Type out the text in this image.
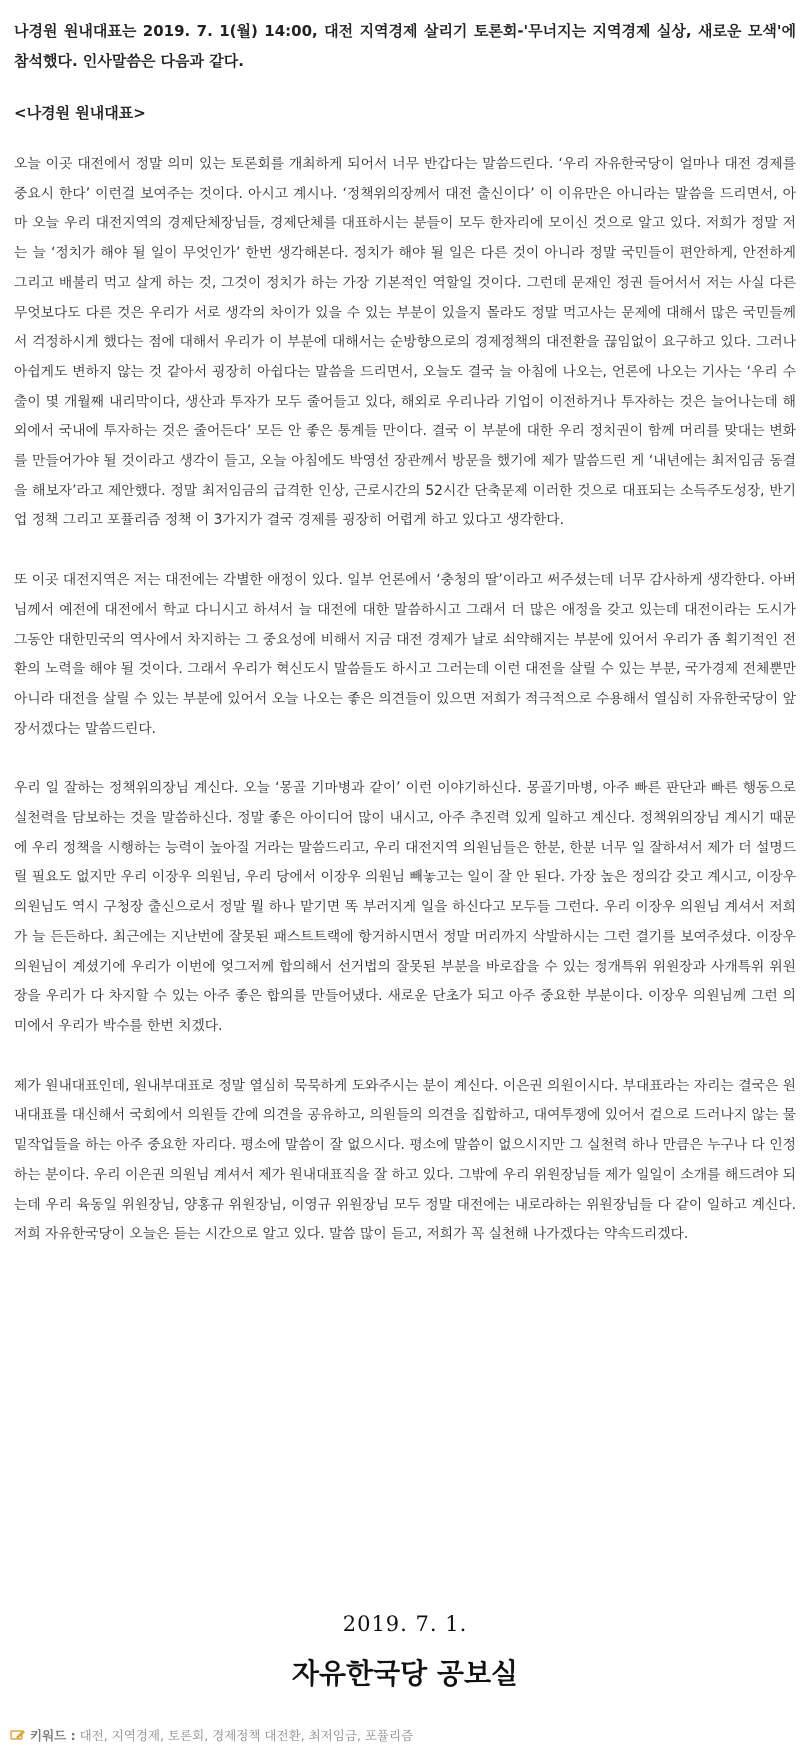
나경원 원내대표는 2019. 7. 1(월) 14:00, 대전 지역경제 살리기 토론회-'무너지는 지역경제 실상, 새로운 모색'에 참석했다. 인사말씀은 다음과 같다.

<나경원 원내대표>

오늘 이곳 대전에서 정말 의미 있는 토론회를 개최하게 되어서 너무 반갑다는 말씀드린다. ‘우리 자유한국당이 얼마나 대전 경제를 중요시 한다’ 이런걸 보여주는 것이다. 아시고 계시나. ‘정책위의장께서 대전 출신이다’ 이 이유만은 아니라는 말씀을 드리면서, 아마 오늘 우리 대전지역의 경제단체장님들, 경제단체를 대표하시는 분들이 모두 한자리에 모이신 것으로 알고 있다. 저희가 정말 저는 늘 ‘정치가 해야 될 일이 무엇인가’ 한번 생각해본다. 정치가 해야 될 일은 다른 것이 아니라 정말 국민들이 편안하게, 안전하게 그리고 배불리 먹고 살게 하는 것, 그것이 정치가 하는 가장 기본적인 역할일 것이다. 그런데 문재인 정권 들어서서 저는 사실 다른 무엇보다도 다른 것은 우리가 서로 생각의 차이가 있을 수 있는 부분이 있을지 몰라도 정말 먹고사는 문제에 대해서 많은 국민들께서 걱정하시게 했다는 점에 대해서 우리가 이 부분에 대해서는 순방향으로의 경제정책의 대전환을 끊임없이 요구하고 있다. 그러나 아쉽게도 변하지 않는 것 같아서 굉장히 아쉽다는 말씀을 드리면서, 오늘도 결국 늘 아침에 나오는, 언론에 나오는 기사는 ‘우리 수출이 몇 개월째 내리막이다, 생산과 투자가 모두 줄어들고 있다, 해외로 우리나라 기업이 이전하거나 투자하는 것은 늘어나는데 해외에서 국내에 투자하는 것은 줄어든다’ 모든 안 좋은 통계들 만이다. 결국 이 부분에 대한 우리 정치권이 함께 머리를 맞대는 변화를 만들어가야 될 것이라고 생각이 들고, 오늘 아침에도 박영선 장관께서 방문을 했기에 제가 말씀드린 게 ‘내년에는 최저임금 동결을 해보자’라고 제안했다. 정말 최저임금의 급격한 인상, 근로시간의 52시간 단축문제 이러한 것으로 대표되는 소득주도성장, 반기업 정책 그리고 포퓰리즘 정책 이 3가지가 결국 경제를 굉장히 어렵게 하고 있다고 생각한다.

또 이곳 대전지역은 저는 대전에는 각별한 애정이 있다. 일부 언론에서 ‘충청의 딸’이라고 써주셨는데 너무 감사하게 생각한다. 아버님께서 예전에 대전에서 학교 다니시고 하셔서 늘 대전에 대한 말씀하시고 그래서 더 많은 애정을 갖고 있는데 대전이라는 도시가 그동안 대한민국의 역사에서 차지하는 그 중요성에 비해서 지금 대전 경제가 날로 쇠약해지는 부분에 있어서 우리가 좀 획기적인 전환의 노력을 해야 될 것이다. 그래서 우리가 혁신도시 말씀들도 하시고 그러는데 이런 대전을 살릴 수 있는 부분, 국가경제 전체뿐만 아니라 대전을 살릴 수 있는 부분에 있어서 오늘 나오는 좋은 의견들이 있으면 저희가 적극적으로 수용해서 열심히 자유한국당이 앞장서겠다는 말씀드린다.

우리 일 잘하는 정책위의장님 계신다. 오늘 ‘몽골 기마병과 같이’ 이런 이야기하신다. 몽골기마병, 아주 빠른 판단과 빠른 행동으로 실천력을 담보하는 것을 말씀하신다. 정말 좋은 아이디어 많이 내시고, 아주 추진력 있게 일하고 계신다. 정책위의장님 계시기 때문에 우리 정책을 시행하는 능력이 높아질 거라는 말씀드리고, 우리 대전지역 의원님들은 한분, 한분 너무 일 잘하셔서 제가 더 설명드릴 필요도 없지만 우리 이장우 의원님, 우리 당에서 이장우 의원님 빼놓고는 일이 잘 안 된다. 가장 높은 정의감 갖고 계시고, 이장우 의원님도 역시 구청장 출신으로서 정말 뭘 하나 맡기면 똑 부러지게 일을 하신다고 모두들 그런다. 우리 이장우 의원님 계셔서 저희가 늘 든든하다. 최근에는 지난번에 잘못된 패스트트랙에 항거하시면서 정말 머리까지 삭발하시는 그런 결기를 보여주셨다. 이장우 의원님이 계셨기에 우리가 이번에 엊그저께 합의해서 선거법의 잘못된 부분을 바로잡을 수 있는 정개특위 위원장과 사개특위 위원장을 우리가 다 차지할 수 있는 아주 좋은 합의를 만들어냈다. 새로운 단초가 되고 아주 중요한 부분이다. 이장우 의원님께 그런 의미에서 우리가 박수를 한번 치겠다.

제가 원내대표인데, 원내부대표로 정말 열심히 묵묵하게 도와주시는 분이 계신다. 이은권 의원이시다. 부대표라는 자리는 결국은 원내대표를 대신해서 국회에서 의원들 간에 의견을 공유하고, 의원들의 의견을 집합하고, 대여투쟁에 있어서 겉으로 드러나지 않는 물밑작업들을 하는 아주 중요한 자리다. 평소에 말씀이 잘 없으시다. 평소에 말씀이 없으시지만 그 실천력 하나 만큼은 누구나 다 인정하는 분이다. 우리 이은권 의원님 계셔서 제가 원내대표직을 잘 하고 있다. 그밖에 우리 위원장님들 제가 일일이 소개를 해드려야 되는데 우리 육동일 위원장님, 양홍규 위원장님, 이영규 위원장님 모두 정말 대전에는 내로라하는 위원장님들 다 같이 일하고 계신다. 저희 자유한국당이 오늘은 듣는 시간으로 알고 있다. 말씀 많이 듣고, 저희가 꼭 실천해 나가겠다는 약속드리겠다.

2019. 7. 1.
자유한국당 공보실
키워드 : 대전, 지역경제, 토론회, 경제정책 대전환, 최저임금, 포퓰리즘
